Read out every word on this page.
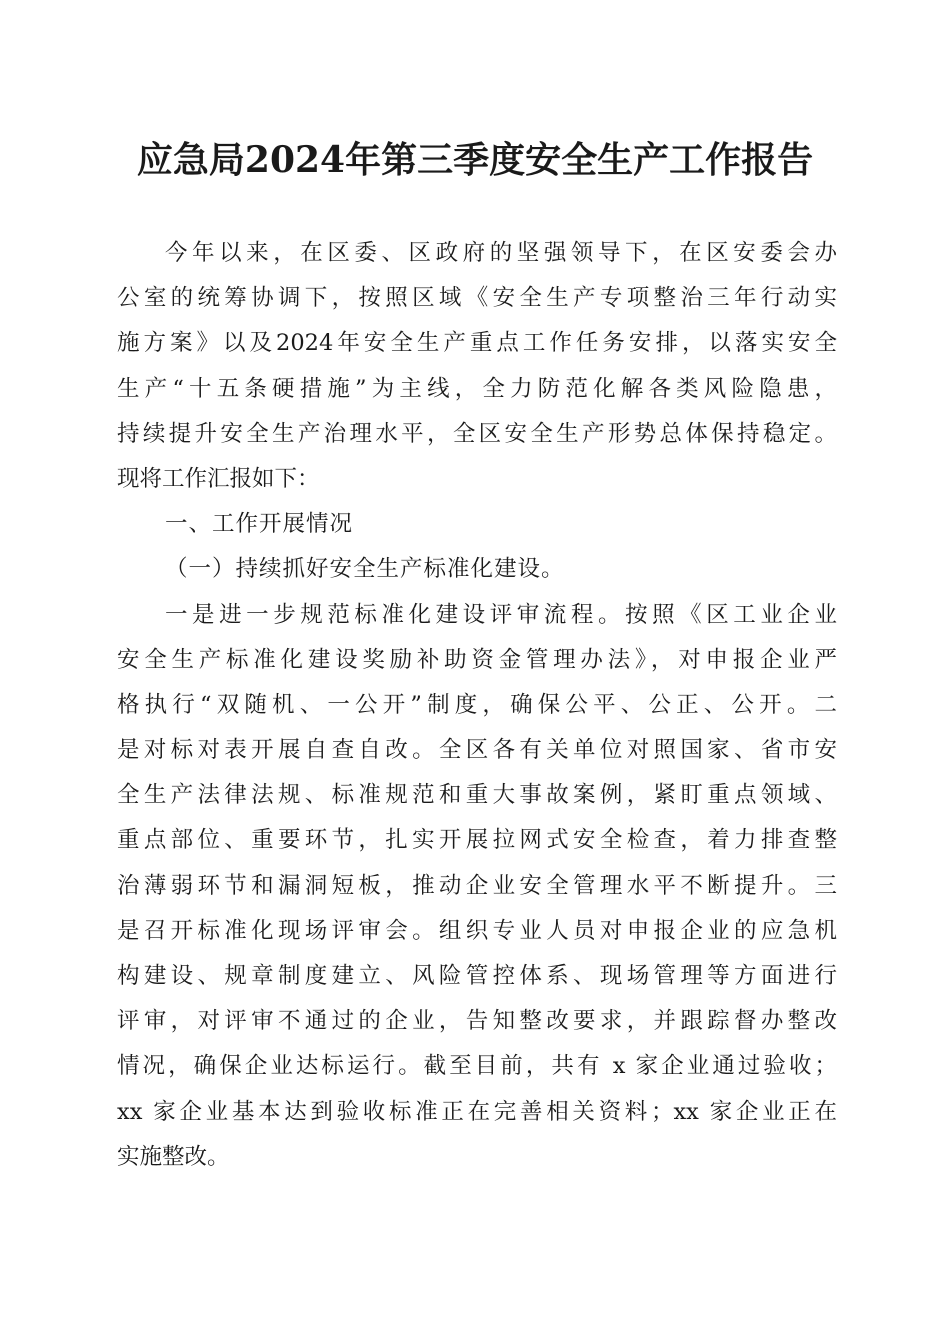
应急局2024年第三季度安全生产工作报告
今年以来，在区委、区政府的坚强领导下，在区安委会办
公室的统筹协调下，按照区域《安全生产专项整治三年行动实
施方案》以及2024年安全生产重点工作任务安排，以落实安全
生产“十五条硬措施”为主线，全力防范化解各类风险隐患，
持续提升安全生产治理水平，全区安全生产形势总体保持稳定。
现将工作汇报如下：
一、工作开展情况
（一）持续抓好安全生产标准化建设。
一是进一步规范标准化建设评审流程。按照《区工业企业
安全生产标准化建设奖励补助资金管理办法》，对申报企业严
格执行“双随机、一公开”制度，确保公平、公正、公开。二
是对标对表开展自查自改。全区各有关单位对照国家、省市安
全生产法律法规、标准规范和重大事故案例，紧盯重点领域、
重点部位、重要环节，扎实开展拉网式安全检查，着力排查整
治薄弱环节和漏洞短板，推动企业安全管理水平不断提升。三
是召开标准化现场评审会。组织专业人员对申报企业的应急机
构建设、规章制度建立、风险管控体系、现场管理等方面进行
评审，对评审不通过的企业，告知整改要求，并跟踪督办整改
情况，确保企业达标运行。截至目前，共有 x 家企业通过验收；
xx 家企业基本达到验收标准正在完善相关资料；xx 家企业正在
实施整改。
